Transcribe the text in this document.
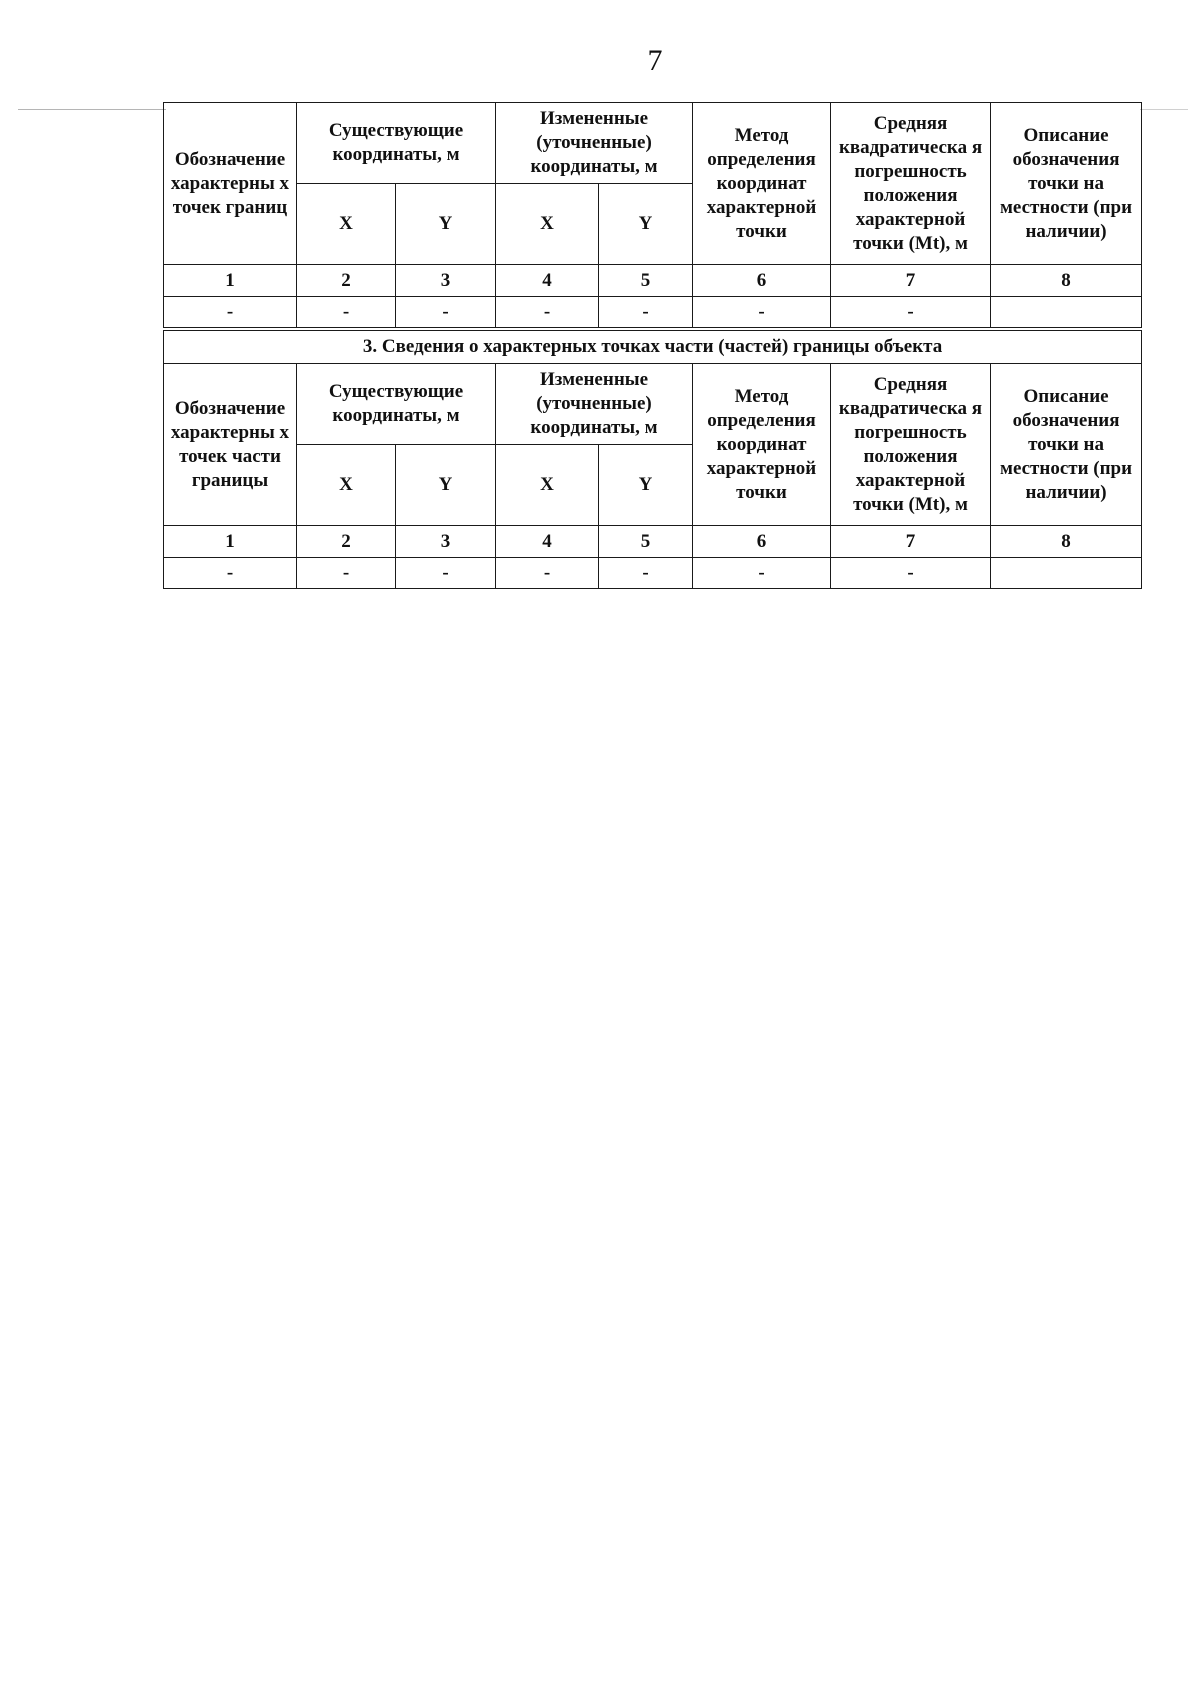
7
Обозначение характерны х точек границ	Существующие координаты, м		Измененные (уточненные) координаты, м		Метод определения координат характерной точки	Средняя квадратическа я погрешность положения характерной точки (Mt), м	Описание обозначения точки на местности (при наличии)
	X	Y	X	Y			
1	2	3	4	5	6	7	8
-	-	-	-	-	-	-	
3. Сведения о характерных точках части (частей) границы объекта							
Обозначение характерны х точек части границы	Существующие координаты, м		Измененные (уточненные) координаты, м		Метод определения координат характерной точки	Средняя квадратическа я погрешность положения характерной точки (Mt), м	Описание обозначения точки на местности (при наличии)
	X	Y	X	Y			
1	2	3	4	5	6	7	8
-	-	-	-	-	-	-	
